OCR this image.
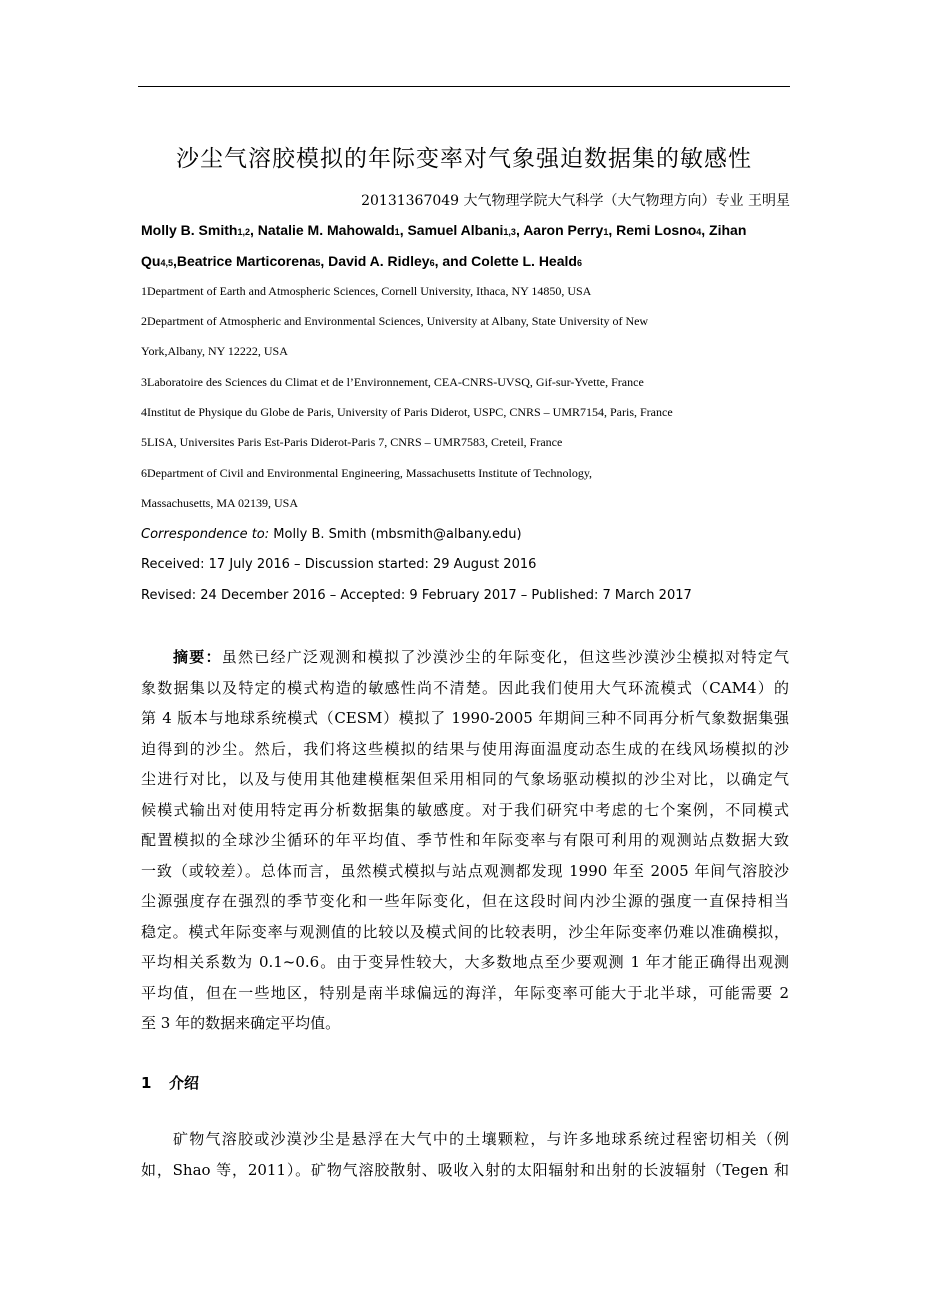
沙尘气溶胶模拟的年际变率对气象强迫数据集的敏感性
20131367049 大气物理学院大气科学（大气物理方向）专业 王明星
Molly B. Smith1,2, Natalie M. Mahowald1, Samuel Albani1,3, Aaron Perry1, Remi Losno4, Zihan
Qu4,5,Beatrice Marticorena5, David A. Ridley6, and Colette L. Heald6
1Department of Earth and Atmospheric Sciences, Cornell University, Ithaca, NY 14850, USA
2Department of Atmospheric and Environmental Sciences, University at Albany, State University of New
York,Albany, NY 12222, USA
3Laboratoire des Sciences du Climat et de l’Environnement, CEA-CNRS-UVSQ, Gif-sur-Yvette, France
4Institut de Physique du Globe de Paris, University of Paris Diderot, USPC, CNRS – UMR7154, Paris, France
5LISA, Universites Paris Est-Paris Diderot-Paris 7, CNRS – UMR7583, Creteil, France
6Department of Civil and Environmental Engineering, Massachusetts Institute of Technology,
Massachusetts, MA 02139, USA
Correspondence to: Molly B. Smith (mbsmith@albany.edu)
Received: 17 July 2016 – Discussion started: 29 August 2016
Revised: 24 December 2016 – Accepted: 9 February 2017 – Published: 7 March 2017
摘要：虽然已经广泛观测和模拟了沙漠沙尘的年际变化，但这些沙漠沙尘模拟对特定气
象数据集以及特定的模式构造的敏感性尚不清楚。因此我们使用大气环流模式（CAM4）的
第 4 版本与地球系统模式（CESM）模拟了 1990-2005 年期间三种不同再分析气象数据集强
迫得到的沙尘。然后，我们将这些模拟的结果与使用海面温度动态生成的在线风场模拟的沙
尘进行对比，以及与使用其他建模框架但采用相同的气象场驱动模拟的沙尘对比，以确定气
候模式输出对使用特定再分析数据集的敏感度。对于我们研究中考虑的七个案例，不同模式
配置模拟的全球沙尘循环的年平均值、季节性和年际变率与有限可利用的观测站点数据大致
一致（或较差）。总体而言，虽然模式模拟与站点观测都发现 1990 年至 2005 年间气溶胶沙
尘源强度存在强烈的季节变化和一些年际变化，但在这段时间内沙尘源的强度一直保持相当
稳定。模式年际变率与观测值的比较以及模式间的比较表明，沙尘年际变率仍难以准确模拟，
平均相关系数为 0.1~0.6。由于变异性较大，大多数地点至少要观测 1 年才能正确得出观测
平均值，但在一些地区，特别是南半球偏远的海洋，年际变率可能大于北半球，可能需要 2
至 3 年的数据来确定平均值。
1 介绍
矿物气溶胶或沙漠沙尘是悬浮在大气中的土壤颗粒，与许多地球系统过程密切相关（例
如，Shao 等，2011）。矿物气溶胶散射、吸收入射的太阳辐射和出射的长波辐射（Tegen 和
